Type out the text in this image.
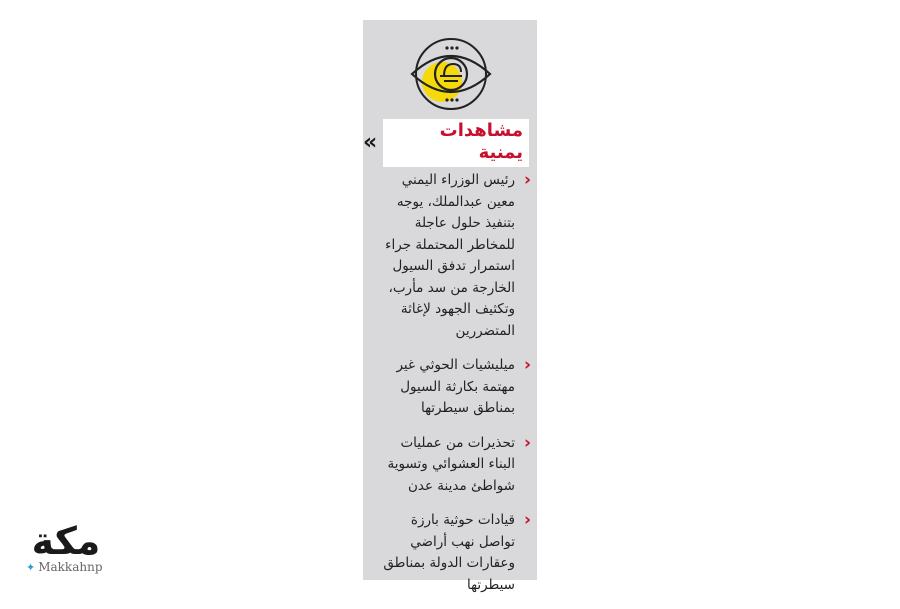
»	مشاهدات يمنية
‹
رئيس الوزراء اليمني معين عبدالملك، يوجه بتنفيذ حلول عاجلة للمخاطر المحتملة جراء استمرار تدفق السيول الخارجة من سد مأرب، وتكثيف الجهود لإغاثة المتضررين
‹
ميليشيات الحوثي غير مهتمة بكارثة السيول بمناطق سيطرتها
‹
تحذيرات من عمليات البناء العشوائي وتسوية شواطئ مدينة عدن
‹
قيادات حوثية بارزة تواصل نهب أراضي وعقارات الدولة بمناطق سيطرتها
مكة
✦ Makkahnp
